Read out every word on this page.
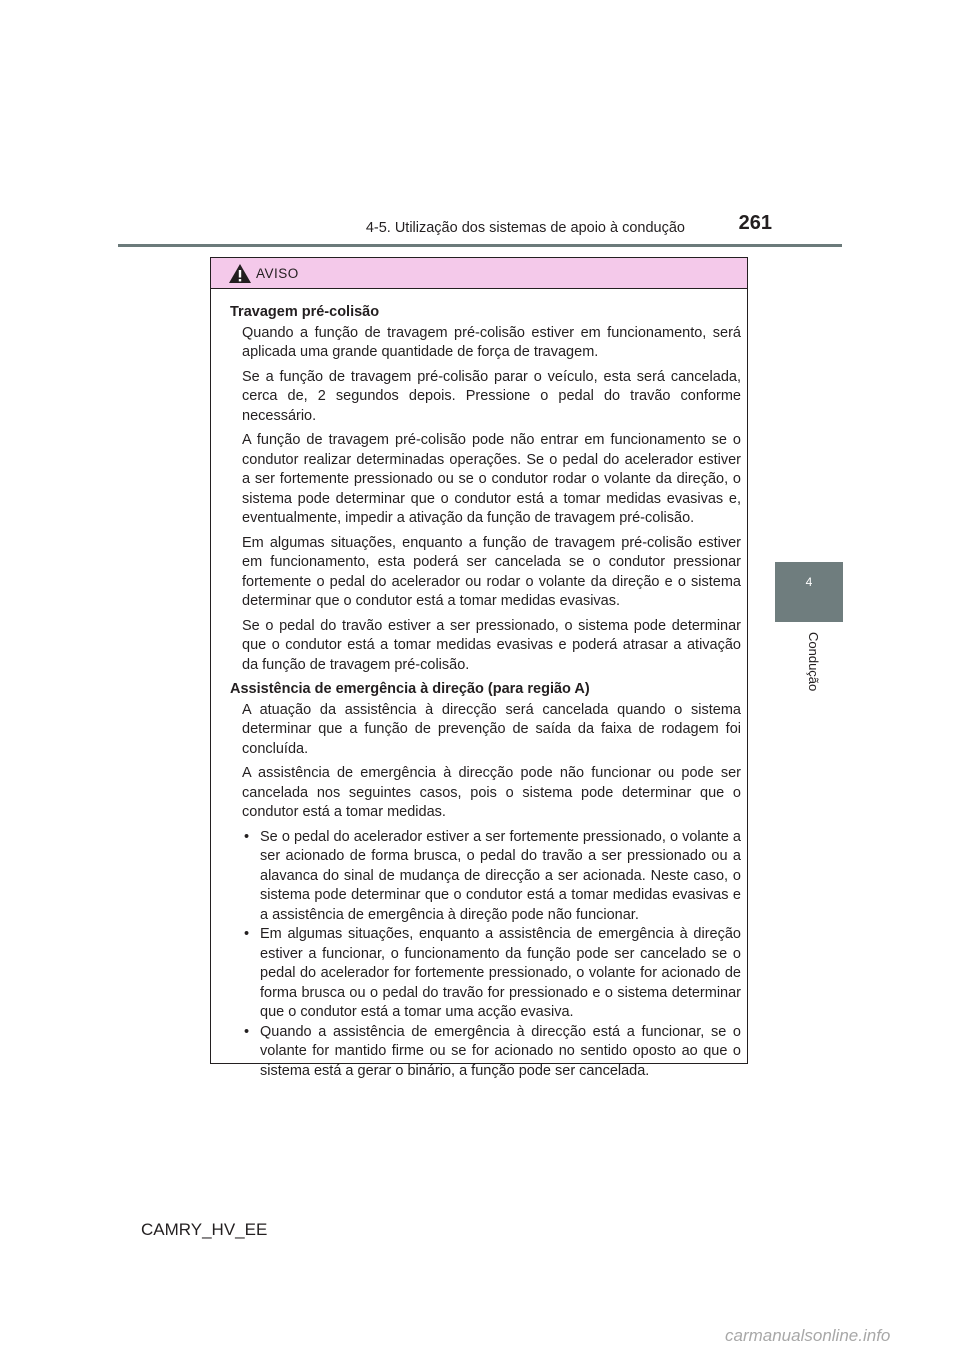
4-5. Utilização dos sistemas de apoio à condução	261
4
Condução
AVISO

Travagem pré-colisão

Quando a função de travagem pré-colisão estiver em funcionamento, será aplicada uma grande quantidade de força de travagem.

Se a função de travagem pré-colisão parar o veículo, esta será cancelada, cerca de, 2 segundos depois. Pressione o pedal do travão conforme necessário.

A função de travagem pré-colisão pode não entrar em funcionamento se o condutor realizar determinadas operações. Se o pedal do acelerador estiver a ser fortemente pressionado ou se o condutor rodar o volante da direção, o sistema pode determinar que o condutor está a tomar medidas evasivas e, eventualmente, impedir a ativação da função de travagem pré-colisão.

Em algumas situações, enquanto a função de travagem pré-colisão estiver em funcionamento, esta poderá ser cancelada se o condutor pressionar fortemente o pedal do acelerador ou rodar o volante da direção e o sistema determinar que o condutor está a tomar medidas evasivas.

Se o pedal do travão estiver a ser pressionado, o sistema pode determinar que o condutor está a tomar medidas evasivas e poderá atrasar a ativação da função de travagem pré-colisão.

Assistência de emergência à direção (para região A)

A atuação da assistência à direcção será cancelada quando o sistema determinar que a função de prevenção de saída da faixa de rodagem foi concluída.

A assistência de emergência à direcção pode não funcionar ou pode ser cancelada nos seguintes casos, pois o sistema pode determinar que o condutor está a tomar medidas.

• Se o pedal do acelerador estiver a ser fortemente pressionado, o volante a ser acionado de forma brusca, o pedal do travão a ser pressionado ou a alavanca do sinal de mudança de direcção a ser acionada. Neste caso, o sistema pode determinar que o condutor está a tomar medidas evasivas e a assistência de emergência à direção pode não funcionar.
• Em algumas situações, enquanto a assistência de emergência à direção estiver a funcionar, o funcionamento da função pode ser cancelado se o pedal do acelerador for fortemente pressionado, o volante for acionado de forma brusca ou o pedal do travão for pressionado e o sistema determinar que o condutor está a tomar uma acção evasiva.
• Quando a assistência de emergência à direcção está a funcionar, se o volante for mantido firme ou se for acionado no sentido oposto ao que o sistema está a gerar o binário, a função pode ser cancelada.
CAMRY_HV_EE
carmanualsonline.info
